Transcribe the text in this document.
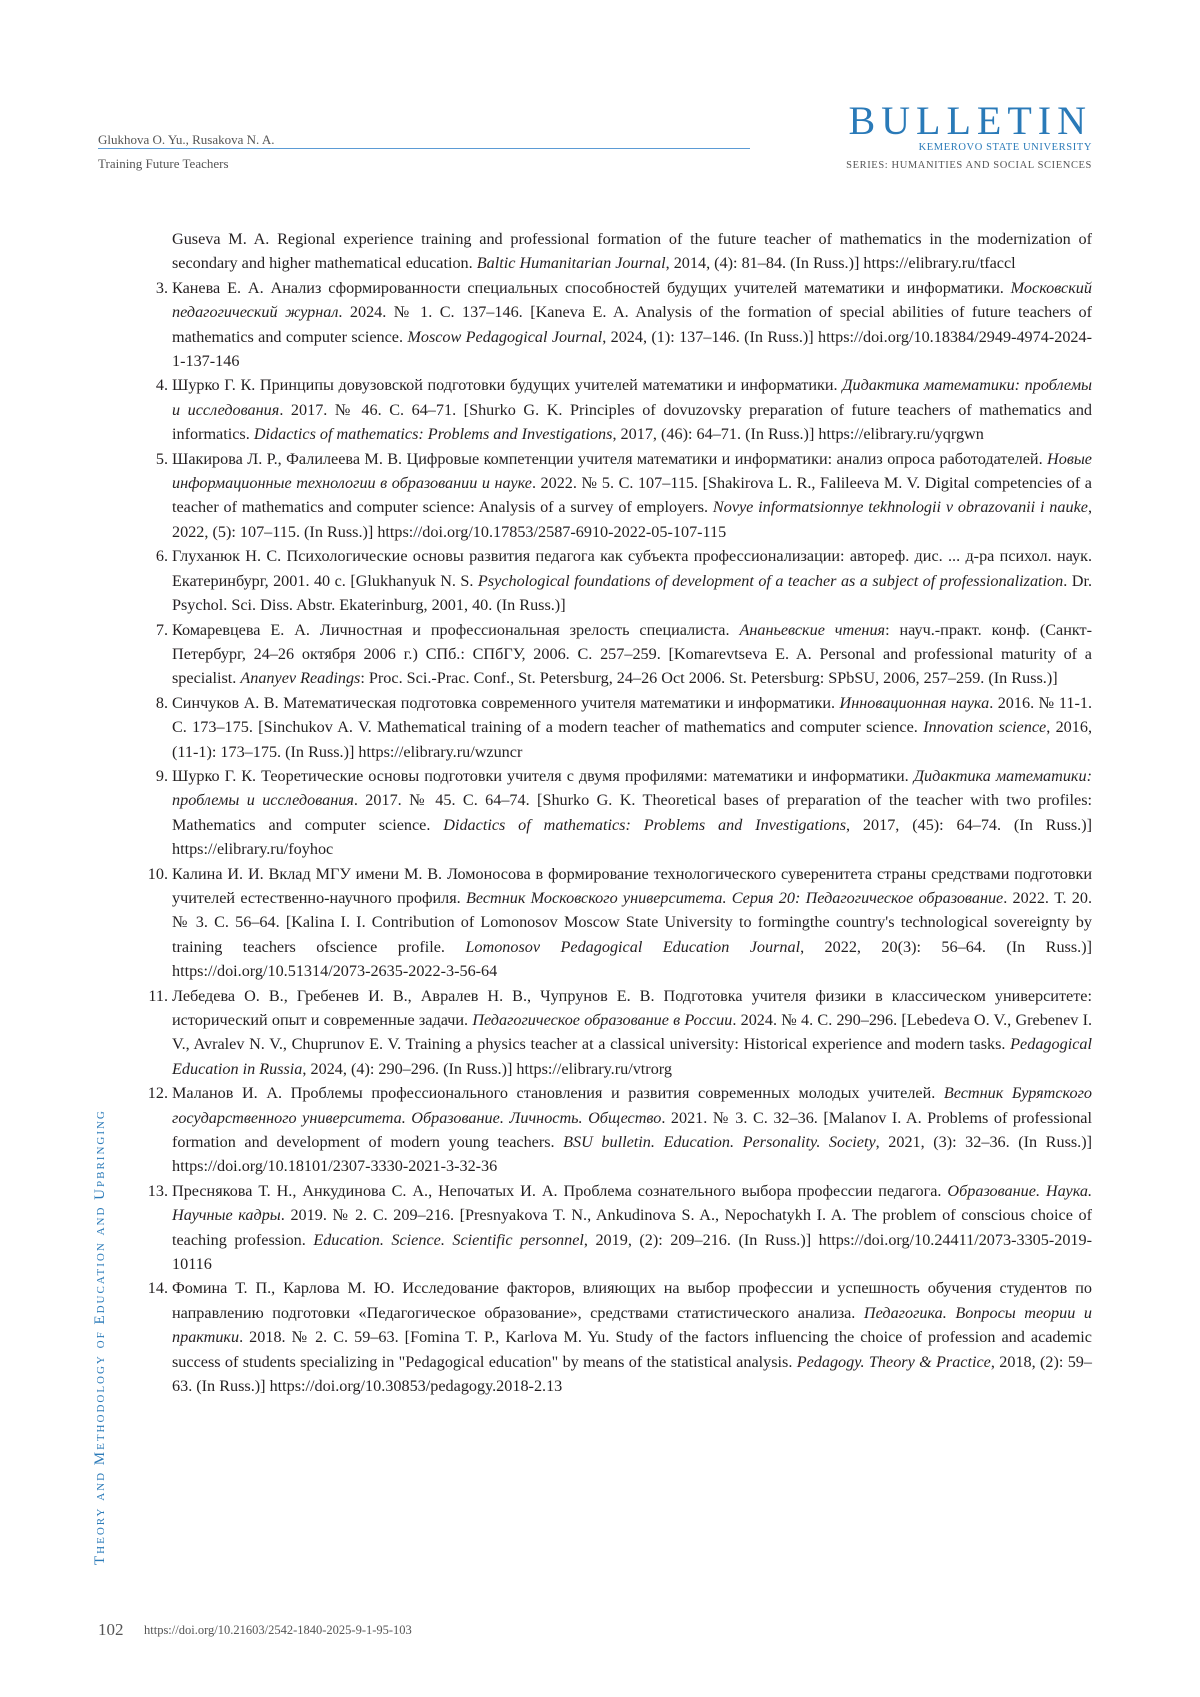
Glukhova O. Yu., Rusakova N. A.
Training Future Teachers
BULLETIN
KEMEROVO STATE UNIVERSITY
SERIES: HUMANITIES AND SOCIAL SCIENCES

Guseva M. A. Regional experience training and professional formation of the future teacher of mathematics in the modernization of secondary and higher mathematical education. Baltic Humanitarian Journal, 2014, (4): 81–84. (In Russ.)] https://elibrary.ru/tfaccl

3. Канева Е. А. Анализ сформированности специальных способностей будущих учителей математики и информатики. Московский педагогический журнал. 2024. № 1. С. 137–146. [Kaneva E. A. Analysis of the formation of special abilities of future teachers of mathematics and computer science. Moscow Pedagogical Journal, 2024, (1): 137–146. (In Russ.)] https://doi.org/10.18384/2949-4974-2024-1-137-146

4. Шурко Г. К. Принципы довузовской подготовки будущих учителей математики и информатики. Дидактика математики: проблемы и исследования. 2017. № 46. С. 64–71. [Shurko G. K. Principles of dovuzovsky preparation of future teachers of mathematics and informatics. Didactics of mathematics: Problems and Investigations, 2017, (46): 64–71. (In Russ.)] https://elibrary.ru/yqrgwn

5. Шакирова Л. Р., Фалилеева М. В. Цифровые компетенции учителя математики и информатики: анализ опроса работодателей. Новые информационные технологии в образовании и науке. 2022. № 5. С. 107–115. [Shakirova L. R., Falileeva M. V. Digital competencies of a teacher of mathematics and computer science: Analysis of a survey of employers. Novye informatsionnye tekhnologii v obrazovanii i nauke, 2022, (5): 107–115. (In Russ.)] https://doi.org/10.17853/2587-6910-2022-05-107-115

6. Глуханюк Н. С. Психологические основы развития педагога как субъекта профессионализации: автореф. дис. ... д-ра психол. наук. Екатеринбург, 2001. 40 с. [Glukhanyuk N. S. Psychological foundations of development of a teacher as a subject of professionalization. Dr. Psychol. Sci. Diss. Abstr. Ekaterinburg, 2001, 40. (In Russ.)]

7. Комаревцева Е. А. Личностная и профессиональная зрелость специалиста. Ананьевские чтения: науч.-практ. конф. (Санкт-Петербург, 24–26 октября 2006 г.) СПб.: СПбГУ, 2006. С. 257–259. [Komarevtseva E. A. Personal and professional maturity of a specialist. Ananyev Readings: Proc. Sci.-Prac. Conf., St. Petersburg, 24–26 Oct 2006. St. Petersburg: SPbSU, 2006, 257–259. (In Russ.)]

8. Синчуков А. В. Математическая подготовка современного учителя математики и информатики. Инновационная наука. 2016. № 11-1. С. 173–175. [Sinchukov A. V. Mathematical training of a modern teacher of mathematics and computer science. Innovation science, 2016, (11-1): 173–175. (In Russ.)] https://elibrary.ru/wzuncr

9. Шурко Г. К. Теоретические основы подготовки учителя с двумя профилями: математики и информатики. Дидактика математики: проблемы и исследования. 2017. № 45. С. 64–74. [Shurko G. K. Theoretical bases of preparation of the teacher with two profiles: Mathematics and computer science. Didactics of mathematics: Problems and Investigations, 2017, (45): 64–74. (In Russ.)] https://elibrary.ru/foyhoc

10. Калина И. И. Вклад МГУ имени М. В. Ломоносова в формирование технологического суверенитета страны средствами подготовки учителей естественно-научного профиля. Вестник Московского университета. Серия 20: Педагогическое образование. 2022. Т. 20. № 3. С. 56–64. [Kalina I. I. Contribution of Lomonosov Moscow State University to formingthe country's technological sovereignty by training teachers ofscience profile. Lomonosov Pedagogical Education Journal, 2022, 20(3): 56–64. (In Russ.)] https://doi.org/10.51314/2073-2635-2022-3-56-64

11. Лебедева О. В., Гребенев И. В., Авралев Н. В., Чупрунов Е. В. Подготовка учителя физики в классическом университете: исторический опыт и современные задачи. Педагогическое образование в России. 2024. № 4. С. 290–296. [Lebedeva O. V., Grebenev I. V., Avralev N. V., Chuprunov E. V. Training a physics teacher at a classical university: Historical experience and modern tasks. Pedagogical Education in Russia, 2024, (4): 290–296. (In Russ.)] https://elibrary.ru/vtrorg

12. Маланов И. А. Проблемы профессионального становления и развития современных молодых учителей. Вестник Бурятского государственного университета. Образование. Личность. Общество. 2021. № 3. С. 32–36. [Malanov I. A. Problems of professional formation and development of modern young teachers. BSU bulletin. Education. Personality. Society, 2021, (3): 32–36. (In Russ.)] https://doi.org/10.18101/2307-3330-2021-3-32-36

13. Преснякова Т. Н., Анкудинова С. А., Непочатых И. А. Проблема сознательного выбора профессии педагога. Образование. Наука. Научные кадры. 2019. № 2. С. 209–216. [Presnyakova T. N., Ankudinova S. A., Nepochatykh I. A. The problem of conscious choice of teaching profession. Education. Science. Scientific personnel, 2019, (2): 209–216. (In Russ.)] https://doi.org/10.24411/2073-3305-2019-10116

14. Фомина Т. П., Карлова М. Ю. Исследование факторов, влияющих на выбор профессии и успешность обучения студентов по направлению подготовки «Педагогическое образование», средствами статистического анализа. Педагогика. Вопросы теории и практики. 2018. № 2. С. 59–63. [Fomina T. P., Karlova M. Yu. Study of the factors influencing the choice of profession and academic success of students specializing in "Pedagogical education" by means of the statistical analysis. Pedagogy. Theory & Practice, 2018, (2): 59–63. (In Russ.)] https://doi.org/10.30853/pedagogy.2018-2.13

Theory and Methodology of Education and Upbringing
102 https://doi.org/10.21603/2542-1840-2025-9-1-95-103
